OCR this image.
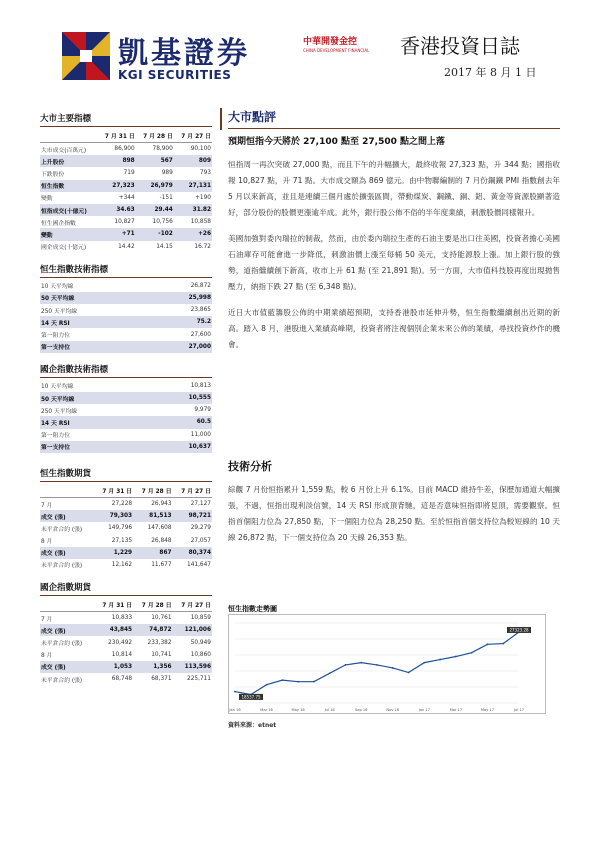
凱基證券
KGI SECURITIES
中華開發金控
CHINA DEVELOPMENT FINANCIAL 香港投資日誌
2017 年 8 月 1 日
大市主要指標
	7 月 31 日	7 月 28 日	7 月 27 日
大市成交(百萬元)	86,900	78,900	90,100
上升股份	898	567	809
下跌股份	719	989	793
恒生指數	27,323	26,979	27,131
變動	+344	-151	+190
恒指成交(十億元)	34.63	29.44	31.82
恒生國企指數	10,827	10,756	10,858
變動	+71	-102	+26
國企成交(十億元)	14.42	14.15	16.72
恒生指數技術指標
10 天平均線	26,872
50 天平均線	25,998
250 天平均線	23,865
14 天 RSI	75.2
第一阻力位	27,600
第一支持位	27,000
國企指數技術指標
10 天平均線	10,813
50 天平均線	10,555
250 天平均線	9,979
14 天 RSI	60.5
第一阻力位	11,000
第一支持位	10,637
恒生指數期貨
	7 月 31 日	7 月 28 日	7 月 27 日
7 月	27,228	26,943	27,127
成交 (張)	79,303	81,513	98,721
未平倉合約 (張)	149,796	147,608	29,279
8 月	27,135	26,848	27,057
成交 (張)	1,229	867	80,374
未平倉合約 (張)	12,162	11,677	141,647
國企指數期貨
	7 月 31 日	7 月 28 日	7 月 27 日
7 月	10,833	10,761	10,859
成交 (張)	43,845	74,872	121,006
未平倉合約 (張)	230,492	233,382	50,949
8 月	10,814	10,741	10,860
成交 (張)	1,053	1,356	113,596
未平倉合約 (張)	68,748	68,371	225,711
大市點評
預期恒指今天將於 27,100 點至 27,500 點之間上落

恒指周一再次突破 27,000 點，而且下午的升幅擴大，最終收報 27,323 點，升 344 點；國指收報 10,827 點，升 71 點。大市成交額為 869 億元。由中物聯編制的 7 月份鋼鐵 PMI 指數創去年 5 月以來新高，並且是連續三個月處於擴張區間，帶動煤炭、鋼鐵、銅、鋁、黃金等資源股顯著造好，部分股份的股價更漲逾半成。此外，銀行股公佈不俗的半年度業績，刺激股價同樣報升。

美國加強對委內瑞拉的制裁，然而，由於委內瑞拉生產的石油主要是出口往美國，投資者擔心美國石油庫存可能會進一步降低，刺激油價上漲至每桶 50 美元，支持能源股上漲。加上銀行股的強勢，道指繼續創下新高，收市上升 61 點 (至 21,891 點)。另一方面，大市值科技股再度出現拋售壓力，納指下跌 27 點 (至 6,348 點)。

近日大市值藍籌股公佈的中期業績超預期，支持香港股市延伸升勢，恒生指數繼續創出近期的新高。踏入 8 月，港股進入業績高峰期，投資者將注視個別企業未來公佈的業績，尋找投資炒作的機會。

技術分析

綜觀 7 月份恒指累升 1,559 點，較 6 月份上升 6.1%。目前 MACD 維持牛差，保歷加通道大幅擴張，不過，恒指出現利淡信號，14 天 RSI 形成頂背馳，這是否意味恒指即將見頂，需要觀察。恒指首個阻力位為 27,850 點，下一個阻力位為 28,250 點。至於恒指首個支持位為較短線的 10 天線 26,872 點，下一個支持位為 20 天線 26,353 點。

恒生指數走勢圖
Jan 16	Mar 16	May 16	Jul 16	Sep 16	Nov 16	Jan 17	Mar 17	May 17	Jul 17
27323.28
18537.75
資料來源：etnet
